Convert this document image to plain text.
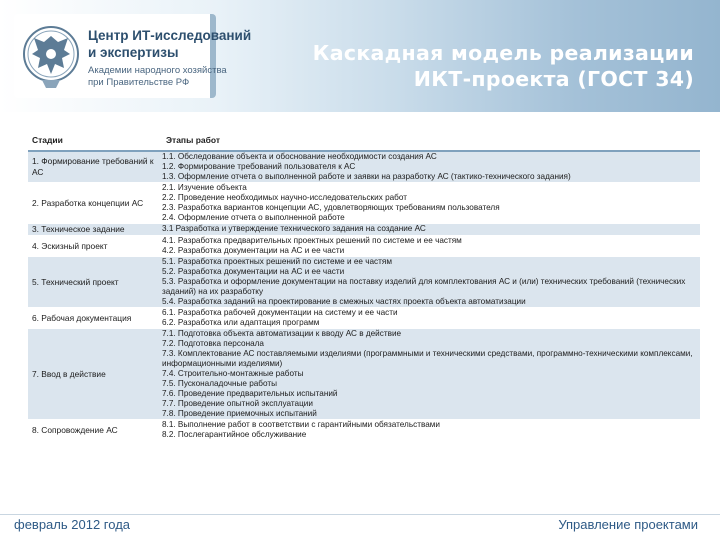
Центр ИТ-исследований
и экспертизы
Академии народного хозяйства
при Правительстве РФ
Каскадная модель реализации
ИКТ-проекта (ГОСТ 34)
Стадии	Этапы работ
1. Формирование требований к АС
1.1. Обследование объекта и обоснование необходимости создания АС
1.2. Формирование требований пользователя к АС
1.3. Оформление отчета о выполненной работе и заявки на разработку АС (тактико-технического задания)
2. Разработка концепции АС
2.1. Изучение объекта
2.2. Проведение необходимых научно-исследовательских работ
2.3. Разработка вариантов концепции АС, удовлетворяющих требованиям пользователя
2.4. Оформление отчета о выполненной работе
3. Техническое задание	3.1 Разработка и утверждение технического задания на создание АС
4. Эскизный проект	4.1. Разработка предварительных проектных решений по системе и ее частям
4.2. Разработка документации на АС и ее части
5. Технический проект
5.1. Разработка проектных решений по системе и ее частям
5.2. Разработка документации на АС и ее части
5.3. Разработка и оформление документации на поставку изделий для комплектования АС и (или) технических требований (технических заданий) на их разработку
5.4. Разработка заданий на проектирование в смежных частях проекта объекта автоматизации
6. Рабочая документация	6.1. Разработка рабочей документации на систему и ее части
6.2. Разработка или адаптация программ
7. Ввод в действие
7.1. Подготовка объекта автоматизации к вводу АС в действие
7.2. Подготовка персонала
7.3. Комплектование АС поставляемыми изделиями (программными и техническими средствами, программно-техническими комплексами, информационными изделиями)
7.4. Строительно-монтажные работы
7.5. Пусконаладочные работы
7.6. Проведение предварительных испытаний
7.7. Проведение опытной эксплуатации
7.8. Проведение приемочных испытаний
8. Сопровождение АС	8.1. Выполнение работ в соответствии с гарантийными обязательствами
8.2. Послегарантийное обслуживание
февраль 2012 года	Управление проектами
